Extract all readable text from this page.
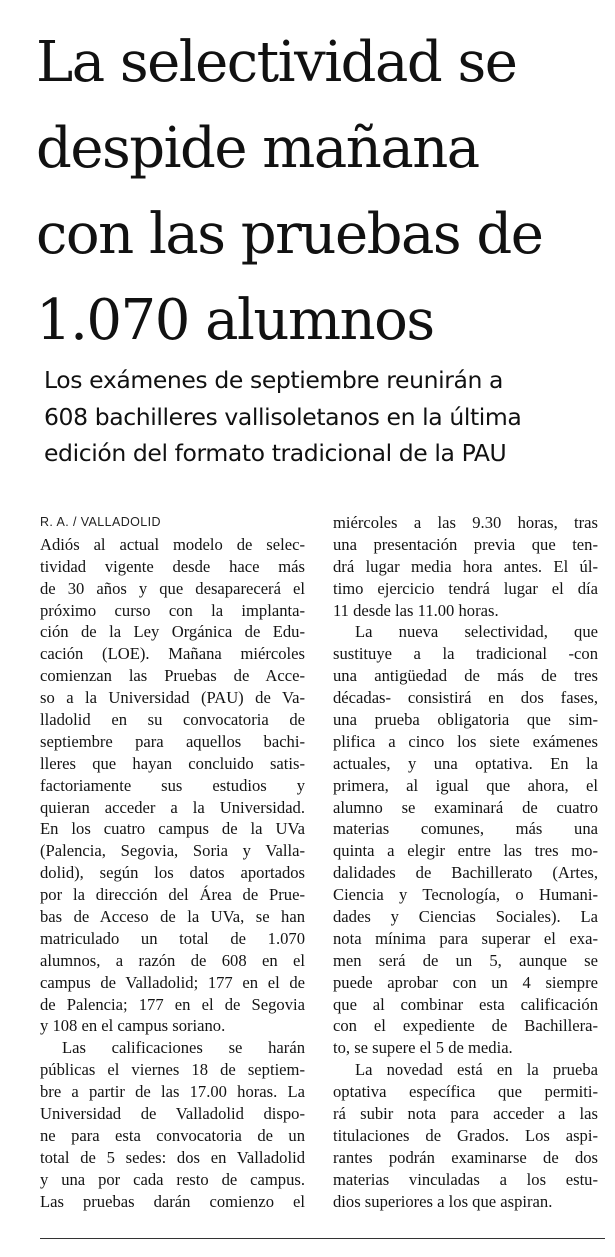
La selectividad se
despide mañana
con las pruebas de
1.070 alumnos
Los exámenes de septiembre reunirán a
608 bachilleres vallisoletanos en la última
edición del formato tradicional de la PAU
R. A. / VALLADOLID
Adiós al actual modelo de selec-
tividad vigente desde hace más
de 30 años y que desaparecerá el
próximo curso con la implanta-
ción de la Ley Orgánica de Edu-
cación (LOE). Mañana miércoles
comienzan las Pruebas de Acce-
so a la Universidad (PAU) de Va-
lladolid en su convocatoria de
septiembre para aquellos bachi-
lleres que hayan concluido satis-
factoriamente sus estudios y
quieran acceder a la Universidad.
En los cuatro campus de la UVa
(Palencia, Segovia, Soria y Valla-
dolid), según los datos aportados
por la dirección del Área de Prue-
bas de Acceso de la UVa, se han
matriculado un total de 1.070
alumnos, a razón de 608 en el
campus de Valladolid; 177 en el de
de Palencia; 177 en el de Segovia
y 108 en el campus soriano.
Las calificaciones se harán
públicas el viernes 18 de septiem-
bre a partir de las 17.00 horas. La
Universidad de Valladolid dispo-
ne para esta convocatoria de un
total de 5 sedes: dos en Valladolid
y una por cada resto de campus.
Las pruebas darán comienzo el
miércoles a las 9.30 horas, tras
una presentación previa que ten-
drá lugar media hora antes. El úl-
timo ejercicio tendrá lugar el día
11 desde las 11.00 horas.
La nueva selectividad, que
sustituye a la tradicional -con
una antigüedad de más de tres
décadas- consistirá en dos fases,
una prueba obligatoria que sim-
plifica a cinco los siete exámenes
actuales, y una optativa. En la
primera, al igual que ahora, el
alumno se examinará de cuatro
materias comunes, más una
quinta a elegir entre las tres mo-
dalidades de Bachillerato (Artes,
Ciencia y Tecnología, o Humani-
dades y Ciencias Sociales). La
nota mínima para superar el exa-
men será de un 5, aunque se
puede aprobar con un 4 siempre
que al combinar esta calificación
con el expediente de Bachillera-
to, se supere el 5 de media.
La novedad está en la prueba
optativa específica que permiti-
rá subir nota para acceder a las
titulaciones de Grados. Los aspi-
rantes podrán examinarse de dos
materias vinculadas a los estu-
dios superiores a los que aspiran.
